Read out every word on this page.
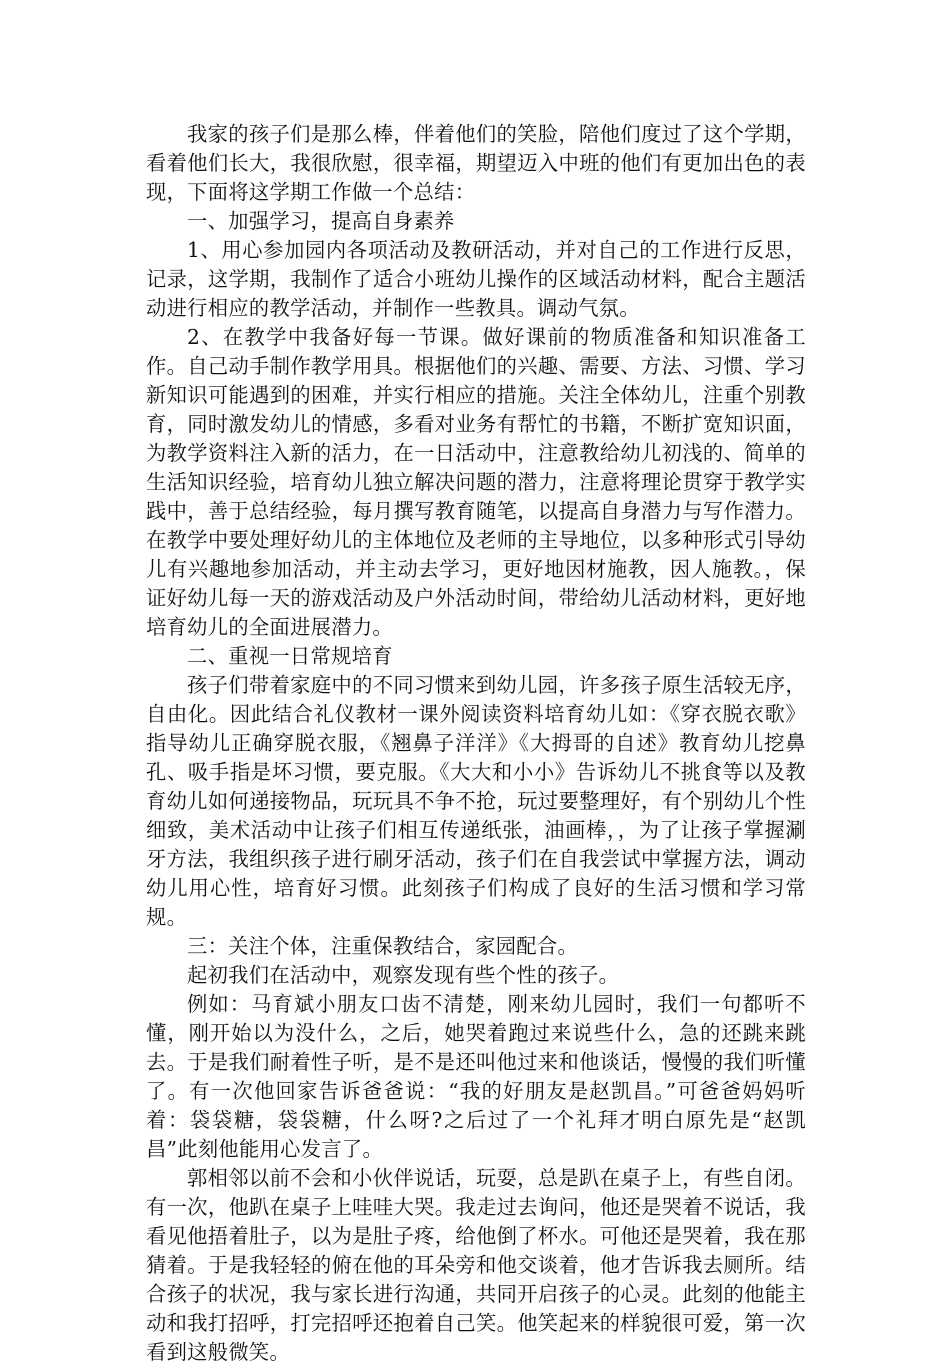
我家的孩子们是那么棒，伴着他们的笑脸，陪他们度过了这个学期，看着他们长大，我很欣慰，很幸福，期望迈入中班的他们有更加出色的表现，下面将这学期工作做一个总结：

一、加强学习，提高自身素养

1、用心参加园内各项活动及教研活动，并对自己的工作进行反思，记录，这学期，我制作了适合小班幼儿操作的区域活动材料，配合主题活动进行相应的教学活动，并制作一些教具。调动气氛。

2、在教学中我备好每一节课。做好课前的物质准备和知识准备工作。自己动手制作教学用具。根据他们的兴趣、需要、方法、习惯、学习新知识可能遇到的困难，并实行相应的措施。关注全体幼儿，注重个别教育，同时激发幼儿的情感，多看对业务有帮忙的书籍，不断扩宽知识面，为教学资料注入新的活力，在一日活动中，注意教给幼儿初浅的、简单的生活知识经验，培育幼儿独立解决问题的潜力，注意将理论贯穿于教学实践中，善于总结经验，每月撰写教育随笔，以提高自身潜力与写作潜力。在教学中要处理好幼儿的主体地位及老师的主导地位，以多种形式引导幼儿有兴趣地参加活动，并主动去学习，更好地因材施教，因人施教。，保证好幼儿每一天的游戏活动及户外活动时间，带给幼儿活动材料，更好地培育幼儿的全面进展潜力。

二、重视一日常规培育

孩子们带着家庭中的不同习惯来到幼儿园，许多孩子原生活较无序，自由化。因此结合礼仪教材一课外阅读资料培育幼儿如：《穿衣脱衣歌》指导幼儿正确穿脱衣服，《翘鼻子洋洋》《大拇哥的自述》教育幼儿挖鼻孔、吸手指是坏习惯，要克服。《大大和小小》告诉幼儿不挑食等以及教育幼儿如何递接物品，玩玩具不争不抢，玩过要整理好，有个别幼儿个性细致，美术活动中让孩子们相互传递纸张，油画棒，，为了让孩子掌握涮牙方法，我组织孩子进行刷牙活动，孩子们在自我尝试中掌握方法，调动幼儿用心性，培育好习惯。此刻孩子们构成了良好的生活习惯和学习常规。

三：关注个体，注重保教结合，家园配合。

起初我们在活动中，观察发现有些个性的孩子。

例如：马育斌小朋友口齿不清楚，刚来幼儿园时，我们一句都听不懂，刚开始以为没什么，之后，她哭着跑过来说些什么，急的还跳来跳去。于是我们耐着性子听，是不是还叫他过来和他谈话，慢慢的我们听懂了。有一次他回家告诉爸爸说：“我的好朋友是赵凯昌。”可爸爸妈妈听着：袋袋糖，袋袋糖，什么呀?之后过了一个礼拜才明白原先是“赵凯昌”此刻他能用心发言了。

郭相邻以前不会和小伙伴说话，玩耍，总是趴在桌子上，有些自闭。有一次，他趴在桌子上哇哇大哭。我走过去询问，他还是哭着不说话，我看见他捂着肚子，以为是肚子疼，给他倒了杯水。可他还是哭着，我在那猜着。于是我轻轻的俯在他的耳朵旁和他交谈着，他才告诉我去厕所。结合孩子的状况，我与家长进行沟通，共同开启孩子的心灵。此刻的他能主动和我打招呼，打完招呼还抱着自己笑。他笑起来的样貌很可爱，第一次看到这般微笑。
